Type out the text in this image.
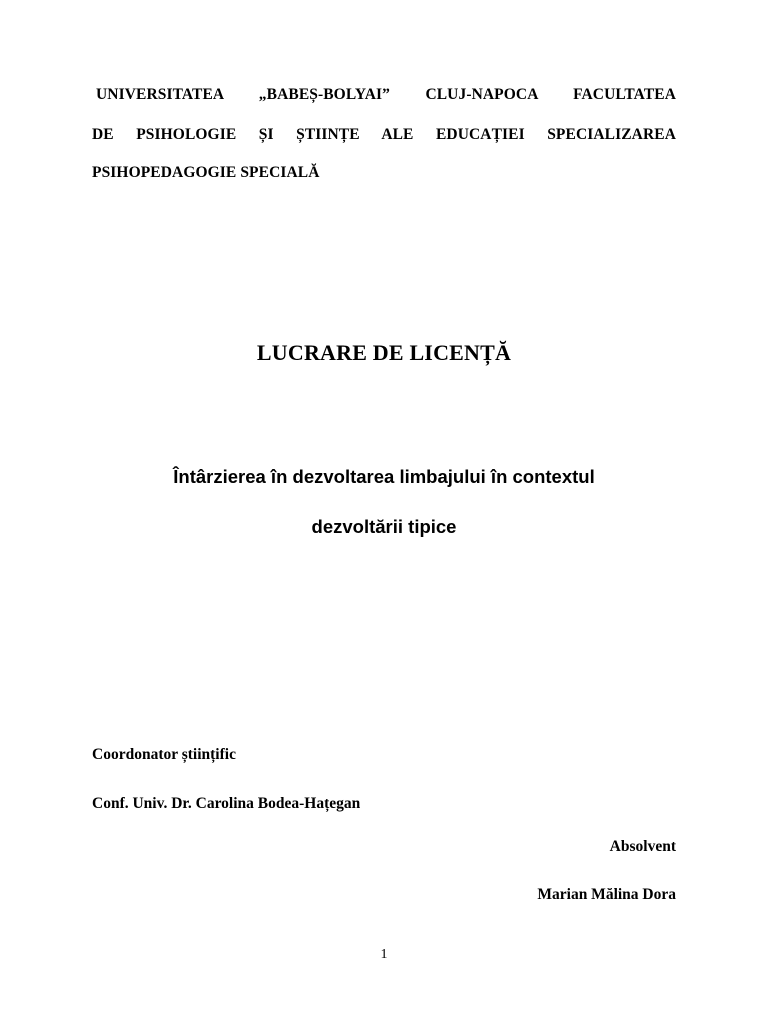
UNIVERSITATEA „BABEȘ-BOLYAI” CLUJ-NAPOCA FACULTATEA
DE PSIHOLOGIE ȘI ȘTIINȚE ALE EDUCAȚIEI SPECIALIZAREA
PSIHOPEDAGOGIE SPECIALĂ
LUCRARE DE LICENȚĂ
Întârzierea în dezvoltarea limbajului în contextul
dezvoltării tipice
Coordonator științific
Conf. Univ. Dr. Carolina Bodea-Hațegan
Absolvent
Marian Mălina Dora
1
